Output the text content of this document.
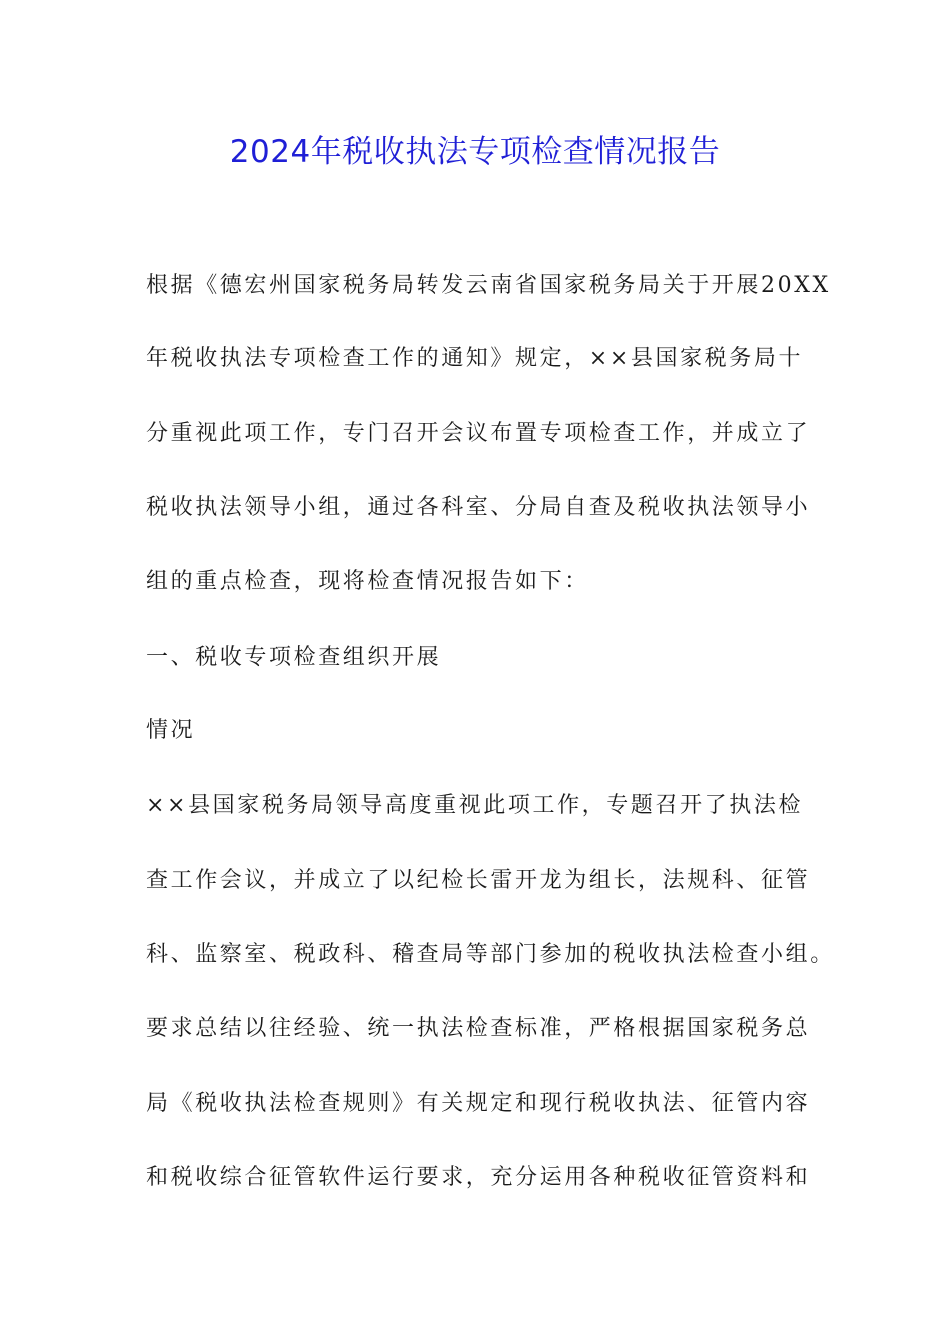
2024年税收执法专项检查情况报告
根据《德宏州国家税务局转发云南省国家税务局关于开展20XX
年税收执法专项检查工作的通知》规定，××县国家税务局十
分重视此项工作，专门召开会议布置专项检查工作，并成立了
税收执法领导小组，通过各科室、分局自查及税收执法领导小
组的重点检查，现将检查情况报告如下：
一、税收专项检查组织开展
情况
××县国家税务局领导高度重视此项工作，专题召开了执法检
查工作会议，并成立了以纪检长雷开龙为组长，法规科、征管
科、监察室、税政科、稽查局等部门参加的税收执法检查小组。
要求总结以往经验、统一执法检查标准，严格根据国家税务总
局《税收执法检查规则》有关规定和现行税收执法、征管内容
和税收综合征管软件运行要求，充分运用各种税收征管资料和
